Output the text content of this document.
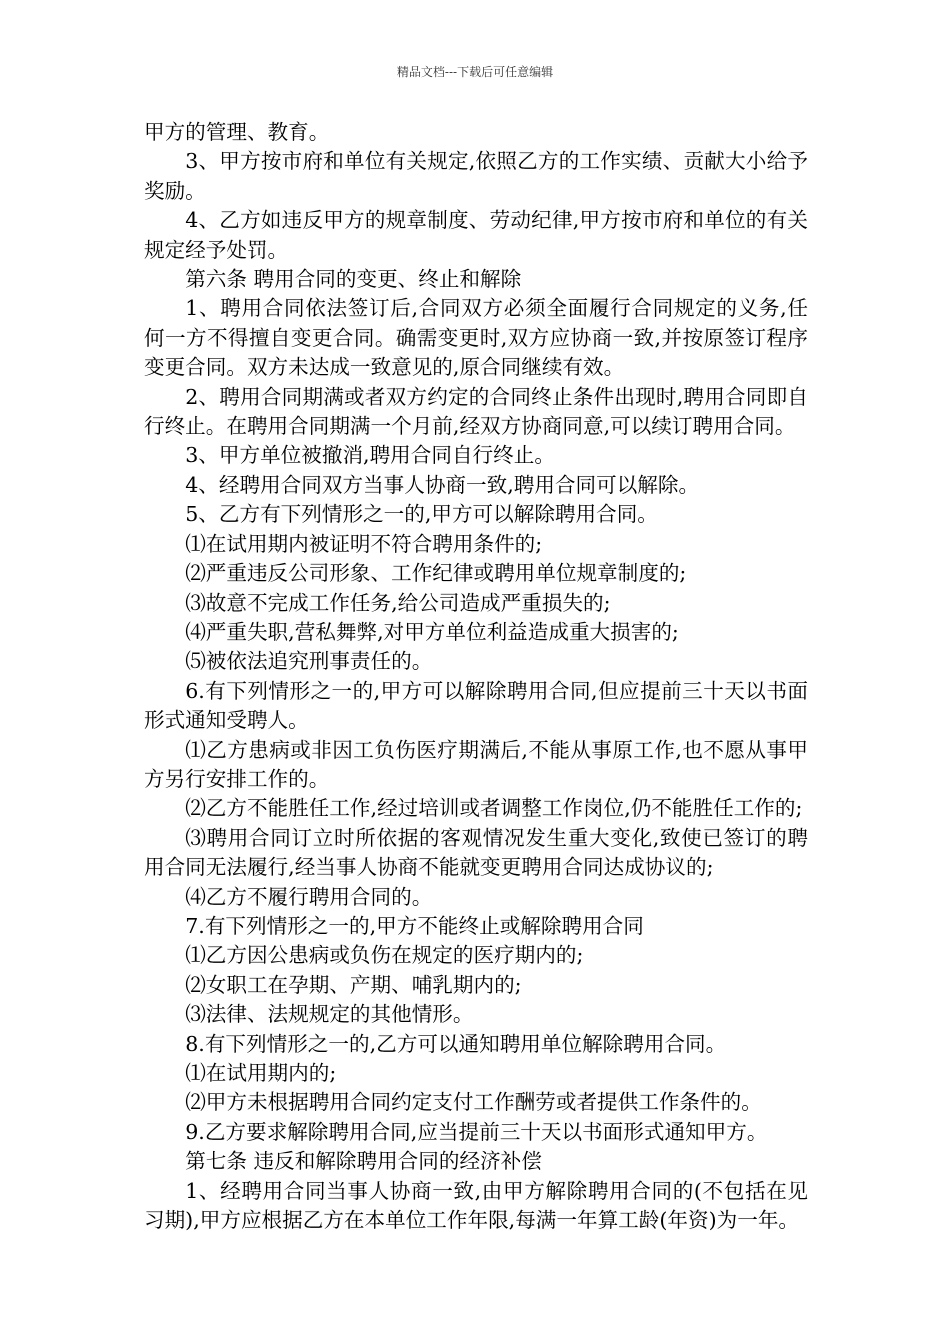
精品文档---下载后可任意编辑

甲方的管理、教育。

3、甲方按市府和单位有关规定,依照乙方的工作实绩、贡献大小给予奖励。

4、乙方如违反甲方的规章制度、劳动纪律,甲方按市府和单位的有关规定经予处罚。

第六条 聘用合同的变更、终止和解除

1、聘用合同依法签订后,合同双方必须全面履行合同规定的义务,任何一方不得擅自变更合同。确需变更时,双方应协商一致,并按原签订程序变更合同。双方未达成一致意见的,原合同继续有效。

2、聘用合同期满或者双方约定的合同终止条件出现时,聘用合同即自行终止。在聘用合同期满一个月前,经双方协商同意,可以续订聘用合同。

3、甲方单位被撤消,聘用合同自行终止。

4、经聘用合同双方当事人协商一致,聘用合同可以解除。

5、乙方有下列情形之一的,甲方可以解除聘用合同。

⑴在试用期内被证明不符合聘用条件的;

⑵严重违反公司形象、工作纪律或聘用单位规章制度的;

⑶故意不完成工作任务,给公司造成严重损失的;

⑷严重失职,营私舞弊,对甲方单位利益造成重大损害的;

⑸被依法追究刑事责任的。

6.有下列情形之一的,甲方可以解除聘用合同,但应提前三十天以书面形式通知受聘人。

⑴乙方患病或非因工负伤医疗期满后,不能从事原工作,也不愿从事甲方另行安排工作的。

⑵乙方不能胜任工作,经过培训或者调整工作岗位,仍不能胜任工作的;

⑶聘用合同订立时所依据的客观情况发生重大变化,致使已签订的聘用合同无法履行,经当事人协商不能就变更聘用合同达成协议的;

⑷乙方不履行聘用合同的。

7.有下列情形之一的,甲方不能终止或解除聘用合同

⑴乙方因公患病或负伤在规定的医疗期内的;

⑵女职工在孕期、产期、哺乳期内的;

⑶法律、法规规定的其他情形。

8.有下列情形之一的,乙方可以通知聘用单位解除聘用合同。

⑴在试用期内的;

⑵甲方未根据聘用合同约定支付工作酬劳或者提供工作条件的。

9.乙方要求解除聘用合同,应当提前三十天以书面形式通知甲方。

第七条 违反和解除聘用合同的经济补偿

1、经聘用合同当事人协商一致,由甲方解除聘用合同的(不包括在见习期),甲方应根据乙方在本单位工作年限,每满一年算工龄(年资)为一年。
